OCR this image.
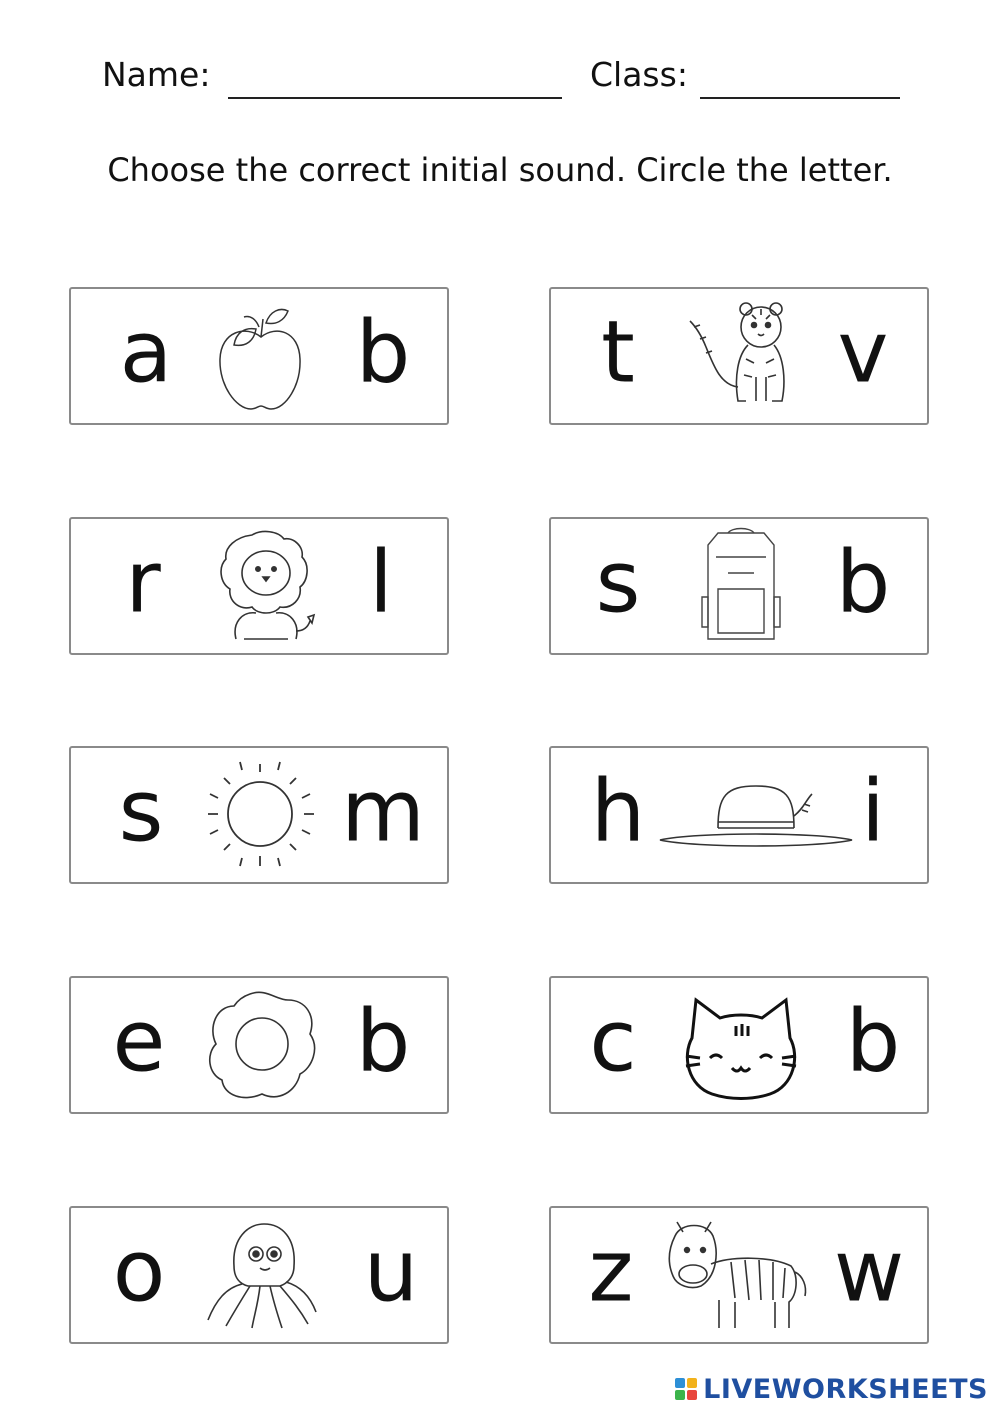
Name:	Class:
Choose the correct initial sound. Circle the letter.
a b t v
r l s b
s m h	i
e b c b
o u z w
LIVEWORKSHEETS
